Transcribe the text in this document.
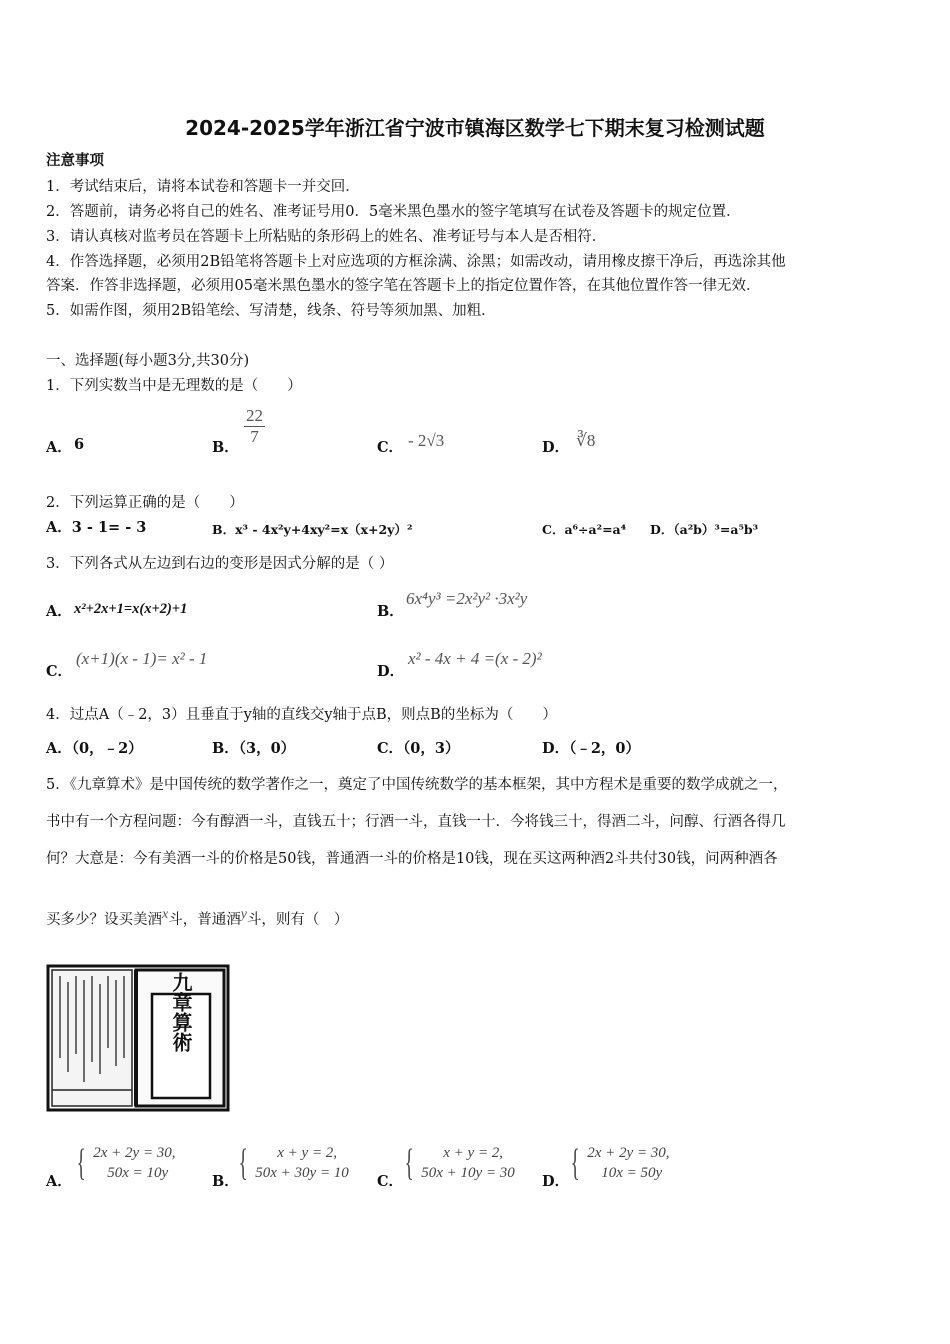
2024-2025学年浙江省宁波市镇海区数学七下期末复习检测试题
注意事项
1．考试结束后，请将本试卷和答题卡一并交回．
2．答题前，请务必将自己的姓名、准考证号用0．5毫米黑色墨水的签字笔填写在试卷及答题卡的规定位置．
3．请认真核对监考员在答题卡上所粘贴的条形码上的姓名、准考证号与本人是否相符．
4．作答选择题，必须用2B铅笔将答题卡上对应选项的方框涂满、涂黑；如需改动，请用橡皮擦干净后，再选涂其他
答案．作答非选择题，必须用05毫米黑色墨水的签字笔在答题卡上的指定位置作答，在其他位置作答一律无效．
5．如需作图，须用2B铅笔绘、写清楚，线条、符号等须加黑、加粗．
一、选择题(每小题3分,共30分)
1．下列实数当中是无理数的是（　　）
A． 6	B．
$\frac{22}{7}$
C． - 2√3	D． ∛8
2．下列运算正确的是（　　）
A．3 - 1= - 3	B．x³ - 4x²y+4xy²=x（x+2y）²	C．a⁶÷a²=a⁴ D．（a²b）³=a⁵b³
3．下列各式从左边到右边的变形是因式分解的是（ ）
A． x²+2x+1=x(x+2)+1	B．
6x⁴y³ =2x²y² ·3x²y
C．
(x+1)(x - 1)= x² - 1
D．
x² - 4x + 4 =(x - 2)²
4．过点A（﹣2，3）且垂直于y轴的直线交y轴于点B，则点B的坐标为（　　）
A．（0，﹣2）	B．（3，0）	C．（0，3）	D．（﹣2，0）
5．《九章算术》是中国传统的数学著作之一，奠定了中国传统数学的基本框架，其中方程术是重要的数学成就之一，
书中有一个方程问题：今有醇酒一斗，直钱五十；行酒一斗，直钱一十．今将钱三十，得酒二斗，问醇、行酒各得几
何？大意是：今有美酒一斗的价格是50钱，普通酒一斗的价格是10钱，现在买这两种酒2斗共付30钱，问两种酒各
买多少？设买美酒x斗，普通酒y斗，则有（　）
九章算術
A． { 2x + 2y = 30,
50x = 10y	B． {	x + y = 2,
50x + 30y = 10 C． {	x + y = 2,
50x + 10y = 30 D． { 2x + 2y = 30,
10x = 50y
